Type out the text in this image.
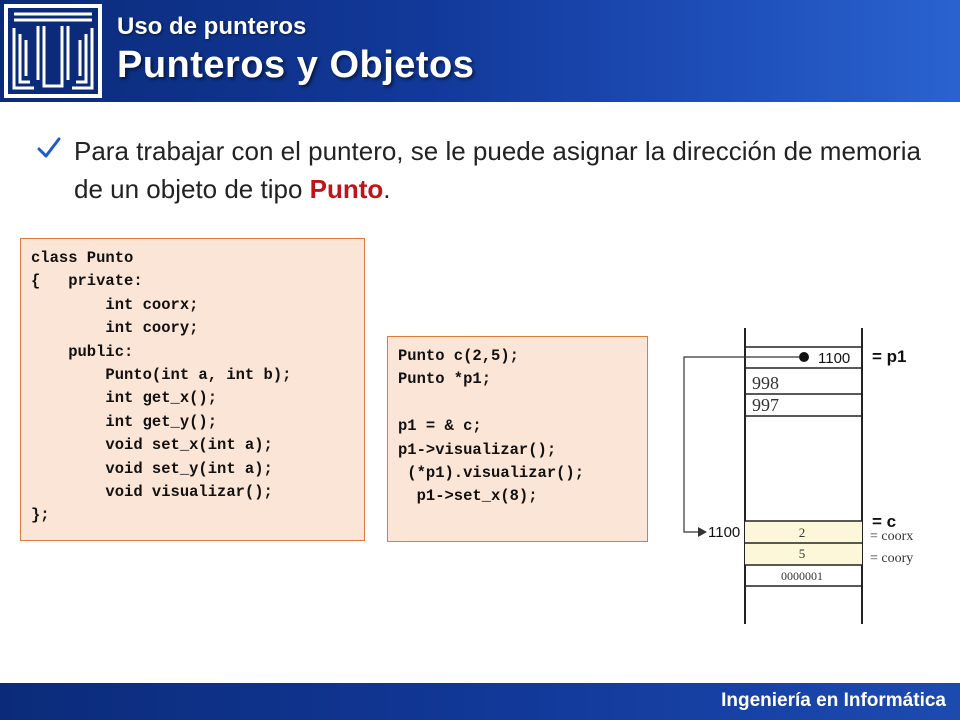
Uso de punteros
Punteros y Objetos
Para trabajar con el puntero, se le puede asignar la dirección de memoria de un objeto de tipo Punto.
class Punto
{   private:
int coorx;
int coory;
public:
Punto(int a, int b);
int get_x();
int get_y();
void set_x(int a);
void set_y(int a);
void visualizar();
};
Punto c(2,5);
Punto *p1;
p1 = & c;
p1->visualizar();
(*p1).visualizar();
p1->set_x(8);
1100 = p1
998
997
1100
= c
2	= coorx
5	= coory
0000001
Ingeniería en Informática
